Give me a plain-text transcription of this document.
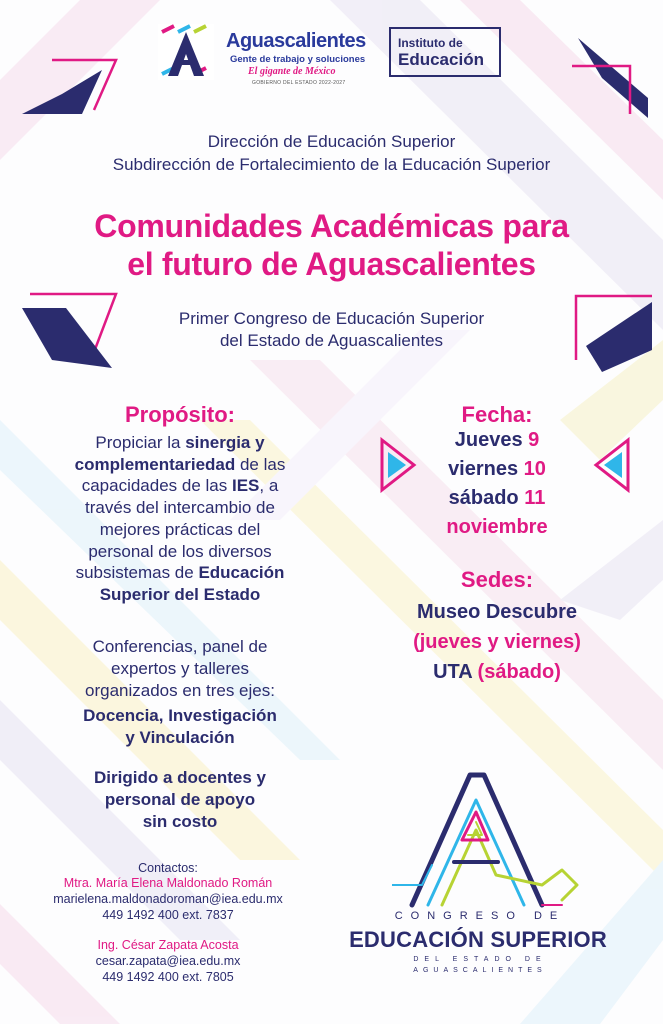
Aguascalientes
Gente de trabajo y soluciones
El gigante de México
GOBIERNO DEL ESTADO 2022-2027
Instituto de
Educación
Dirección de Educación Superior
Subdirección de Fortalecimiento de la Educación Superior
Comunidades Académicas para
el futuro de Aguascalientes
Primer Congreso de Educación Superior
del Estado de Aguascalientes
Propósito:
Propiciar la sinergia y
complementariedad de las
capacidades de las IES, a
través del intercambio de
mejores prácticas del
personal de los diversos
subsistemas de Educación
Superior del Estado
Conferencias, panel de
expertos y talleres
organizados en tres ejes:
Docencia, Investigación
y Vinculación
Dirigido a docentes y
personal de apoyo
sin costo
Fecha:
Jueves 9
viernes 10
sábado 11
noviembre
Sedes:
Museo Descubre
(jueves y viernes)
UTA (sábado)
Contactos:
Mtra. María Elena Maldonado Román
marielena.maldonadoroman@iea.edu.mx
449 1492 400 ext. 7837
Ing. César Zapata Acosta
cesar.zapata@iea.edu.mx
449 1492 400 ext. 7805
CONGRESO DE
EDUCACIÓN SUPERIOR
DEL ESTADO DE
AGUASCALIENTES
